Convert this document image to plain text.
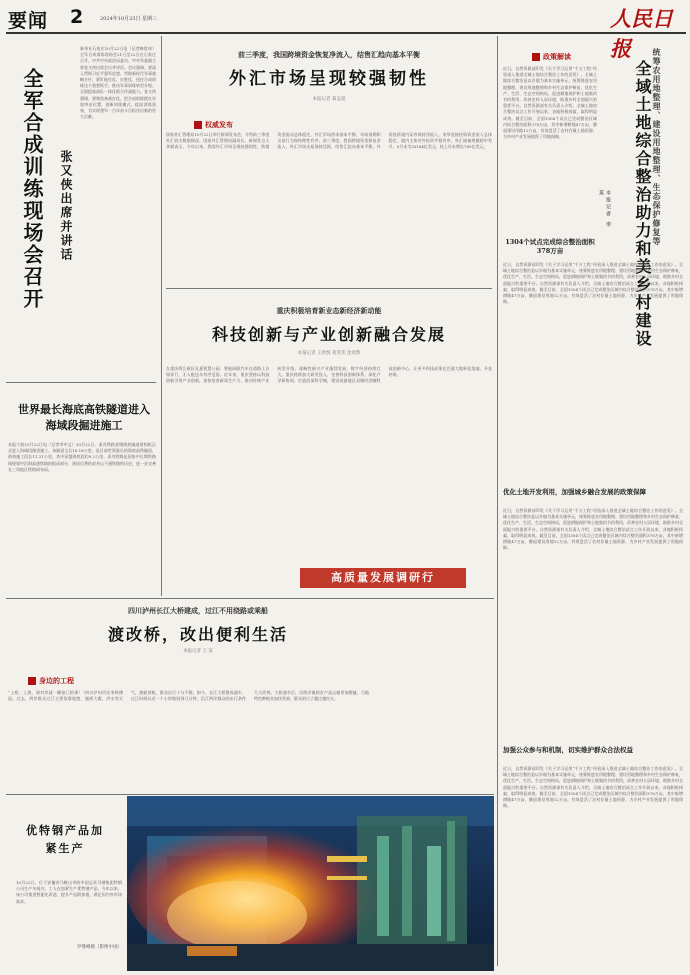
要闻 2	2024年10月23日 星期三	人民日报
全军合成训练现场会召开 张又侠出席并讲话
新华社石家庄10月22日电（记者梅常伟）全军合成训练现场会21日至22日在石家庄召开。中共中央政治局委员、中央军委副主席张又侠出席会议并讲话。会议强调，要深入贯彻习近平强军思想，贯彻新时代军事战略方针，紧盯能打仗、打胜仗，扭住合成训练这个重要抓手，推动军事训练转型升级，全面提高部队一体化联合作战能力。张又侠强调，要聚焦备战打仗，把合成训练摆在更加突出位置，创新训练模式，提高训练质效，为实现建军一百年奋斗目标作出新的更大贡献。
世界最长海底高铁隧道进入海域段掘进施工
本报宁波10月22日电（记者李中文）10月22日，甬舟铁路金塘海底隧道盾构机正式进入海域段掘进施工。该隧道全长16.18公里，是目前世界最长的海底高铁隧道，盾构施工段长11.21公里，其中穿越海底段约9.2公里。甬舟铁路是国家中长期铁路网规划中沿海高速铁路的组成部分，建成后将结束舟山不通铁路的历史，进一步完善长三角地区铁路网布局。
前三季度，我国跨境资金恢复净流入，结售汇趋向基本平衡
外汇市场呈现较强韧性
本报记者 葛孟超
权威发布
国家外汇管理局10月22日举行新闻发布会，介绍前三季度外汇收支数据情况。国家外汇管理局副局长、新闻发言人李斌表示，今年以来，我国外汇市场呈现较强韧性，跨境资金流动总体稳定，外汇市场供求基本平衡，市场预期和交易行为保持理性有序。前三季度，我国跨境资金恢复净流入，外汇市场交易保持活跃，结售汇趋向基本平衡。外资投资境内证券保持净流入，来华直接投资资金流入总体稳定，境内主体对外投资平稳有序。外汇储备规模稳中有升，9月末为33164亿美元，较上年末增长785亿美元。
重庆积极培育新业态新经济新动能
科技创新与产业创新融合发展
本报记者 王欣悦 蒋雯雯 沈靖然
在重庆两江新区礼嘉智慧公园，智能网联汽车在道路上自如穿行，无人配送车有序送货。近年来，重庆坚持以科技创新引领产业创新，加快培育新质生产力，推动传统产业转型升级，战略性新兴产业蓬勃发展，数字经济持续壮大。重庆持续加大研发投入，完善科技创新体系，深化产学研协同，打造西部科学城，建设成渝地区双城经济圈科技创新中心，让更多科技成果在巴渝大地转化落地、开花结果。
高质量发展调研行
四川泸州长江大桥建成，过江不用绕路或乘船
渡改桥，改出便利生活
本报记者 王 某
身边的工程
“上桥、上坡，到对岸就一脚油门的事！”四川泸州市民李师傅说。过去，两岸群众过江主要依靠轮渡，遇到大雾、洪水等天气，渡轮停航，群众出行十分不便。如今，长江大桥建成通车，过江时间从近一个小时缩短到几分钟，沿江两岸群众的出行条件大大改善。大桥通车后，沿线乡镇的农产品运输更加便捷，当地特色种植业加快发展，群众的日子越过越红火。
优特钢产品加紧生产
10月22日，位于安徽省马鞍山市的中国宝武马钢集团特钢公司生产车间内，工人在加紧生产优特钢产品。今年以来，该公司推进智能化改造，提升产品附加值，满足国内外市场需求。
罗继峰摄（影像中国）
政策解读	统筹农用地整理、建设用地整理、生态保护修复等
全域土地综合整治助力和美乡村建设
本报记者 李 某
近日，自然资源部印发《关于学习运用“千万工程”经验深入推进全域土地综合整治工作的意见》。全域土地综合整治是以乡镇为基本实施单元，统筹推进农用地整理、建设用地整理和乡村生态保护修复，优化生产、生活、生态空间格局，促进耕地保护和土地集约节约利用，改善农村人居环境，助推乡村全面振兴的重要平台。自然资源部有关负责人介绍，全域土地综合整治试点工作开展以来，各地积极探索，取得明显成效。截至目前，全国1304个试点已完成整治区域内综合整治面积378万亩，其中新增耕地47万亩，腾退建设用地12万亩，有效盘活了农村存量土地资源，为乡村产业发展提供了用地保障。
1304个试点完成综合整治面积378万亩
近日，自然资源部印发《关于学习运用“千万工程”经验深入推进全域土地综合整治工作的意见》。全域土地综合整治是以乡镇为基本实施单元，统筹推进农用地整理、建设用地整理和乡村生态保护修复，优化生产、生活、生态空间格局，促进耕地保护和土地集约节约利用，改善农村人居环境，助推乡村全面振兴的重要平台。自然资源部有关负责人介绍，全域土地综合整治试点工作开展以来，各地积极探索，取得明显成效。截至目前，全国1304个试点已完成整治区域内综合整治面积378万亩，其中新增耕地47万亩，腾退建设用地12万亩，有效盘活了农村存量土地资源，为乡村产业发展提供了用地保障。
优化土地开发利用，加强城乡融合发展的政策保障
近日，自然资源部印发《关于学习运用“千万工程”经验深入推进全域土地综合整治工作的意见》。全域土地综合整治是以乡镇为基本实施单元，统筹推进农用地整理、建设用地整理和乡村生态保护修复，优化生产、生活、生态空间格局，促进耕地保护和土地集约节约利用，改善农村人居环境，助推乡村全面振兴的重要平台。自然资源部有关负责人介绍，全域土地综合整治试点工作开展以来，各地积极探索，取得明显成效。截至目前，全国1304个试点已完成整治区域内综合整治面积378万亩，其中新增耕地47万亩，腾退建设用地12万亩，有效盘活了农村存量土地资源，为乡村产业发展提供了用地保障。
加强公众参与和机制，切实维护群众合法权益
近日，自然资源部印发《关于学习运用“千万工程”经验深入推进全域土地综合整治工作的意见》。全域土地综合整治是以乡镇为基本实施单元，统筹推进农用地整理、建设用地整理和乡村生态保护修复，优化生产、生活、生态空间格局，促进耕地保护和土地集约节约利用，改善农村人居环境，助推乡村全面振兴的重要平台。自然资源部有关负责人介绍，全域土地综合整治试点工作开展以来，各地积极探索，取得明显成效。截至目前，全国1304个试点已完成整治区域内综合整治面积378万亩，其中新增耕地47万亩，腾退建设用地12万亩，有效盘活了农村存量土地资源，为乡村产业发展提供了用地保障。
